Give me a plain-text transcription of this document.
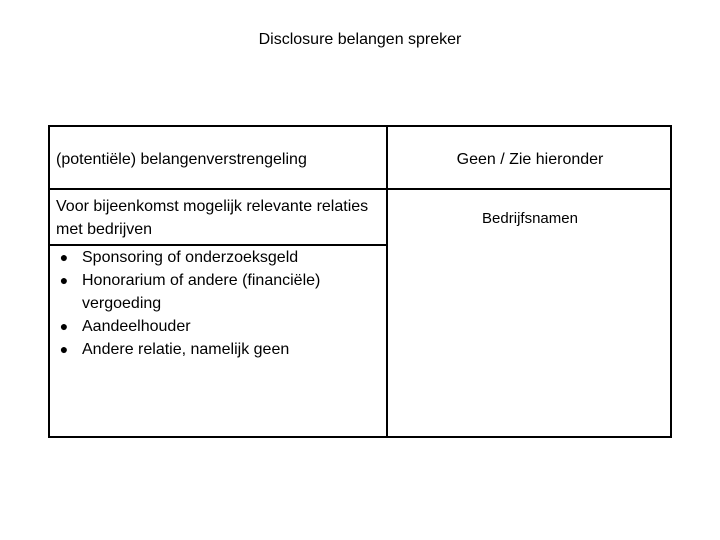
Disclosure belangen spreker
(potentiële) belangenverstrengeling	Geen / Zie hieronder
Voor bijeenkomst mogelijk relevante relaties met bedrijven
Bedrijfsnamen
● Sponsoring of onderzoeksgeld
● Honorarium of andere (financiële) vergoeding
● Aandeelhouder
● Andere relatie, namelijk geen
